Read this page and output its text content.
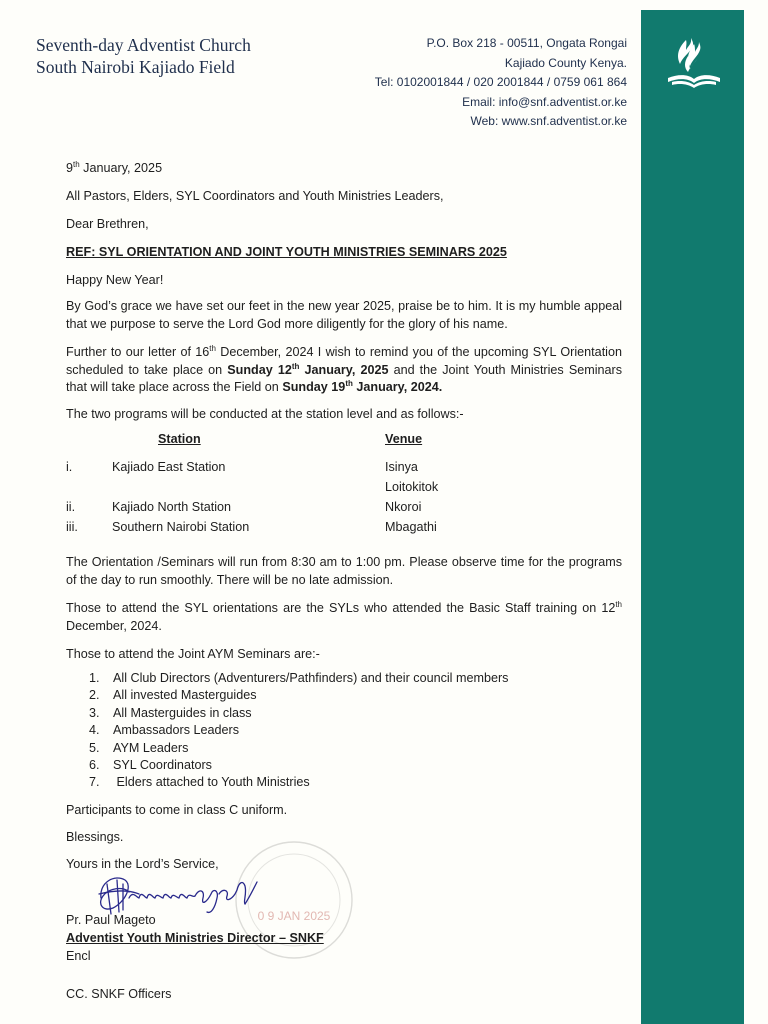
Seventh-day Adventist Church
South Nairobi Kajiado Field
P.O. Box 218 - 00511, Ongata Rongai
Kajiado County Kenya.
Tel: 0102001844 / 020 2001844 / 0759 061 864
Email: info@snf.adventist.or.ke
Web: www.snf.adventist.or.ke
9th January, 2025
All Pastors, Elders, SYL Coordinators and Youth Ministries Leaders,
Dear Brethren,
REF: SYL ORIENTATION AND JOINT YOUTH MINISTRIES SEMINARS 2025
Happy New Year!
By God’s grace we have set our feet in the new year 2025, praise be to him. It is my humble appeal that we purpose to serve the Lord God more diligently for the glory of his name.
Further to our letter of 16th December, 2024 I wish to remind you of the upcoming SYL Orientation scheduled to take place on Sunday 12th January, 2025 and the Joint Youth Ministries Seminars that will take place across the Field on Sunday 19th January, 2024.
The two programs will be conducted at the station level and as follows:-
Station	Venue
i.	Kajiado East Station	Isinya
Loitokitok
ii.	Kajiado North Station	Nkoroi
iii.	Southern Nairobi Station	Mbagathi
The Orientation /Seminars will run from 8:30 am to 1:00 pm. Please observe time for the programs of the day to run smoothly. There will be no late admission.
Those to attend the SYL orientations are the SYLs who attended the Basic Staff training on 12th December, 2024.
Those to attend the Joint AYM Seminars are:-
1. All Club Directors (Adventurers/Pathfinders) and their council members
2. All invested Masterguides
3. All Masterguides in class
4. Ambassadors Leaders
5. AYM Leaders
6. SYL Coordinators
7. Elders attached to Youth Ministries
Participants to come in class C uniform.
Blessings.
Yours in the Lord’s Service,
0 9 JAN 2025
Pr. Paul Mageto
Adventist Youth Ministries Director – SNKF
Encl
CC. SNKF Officers
